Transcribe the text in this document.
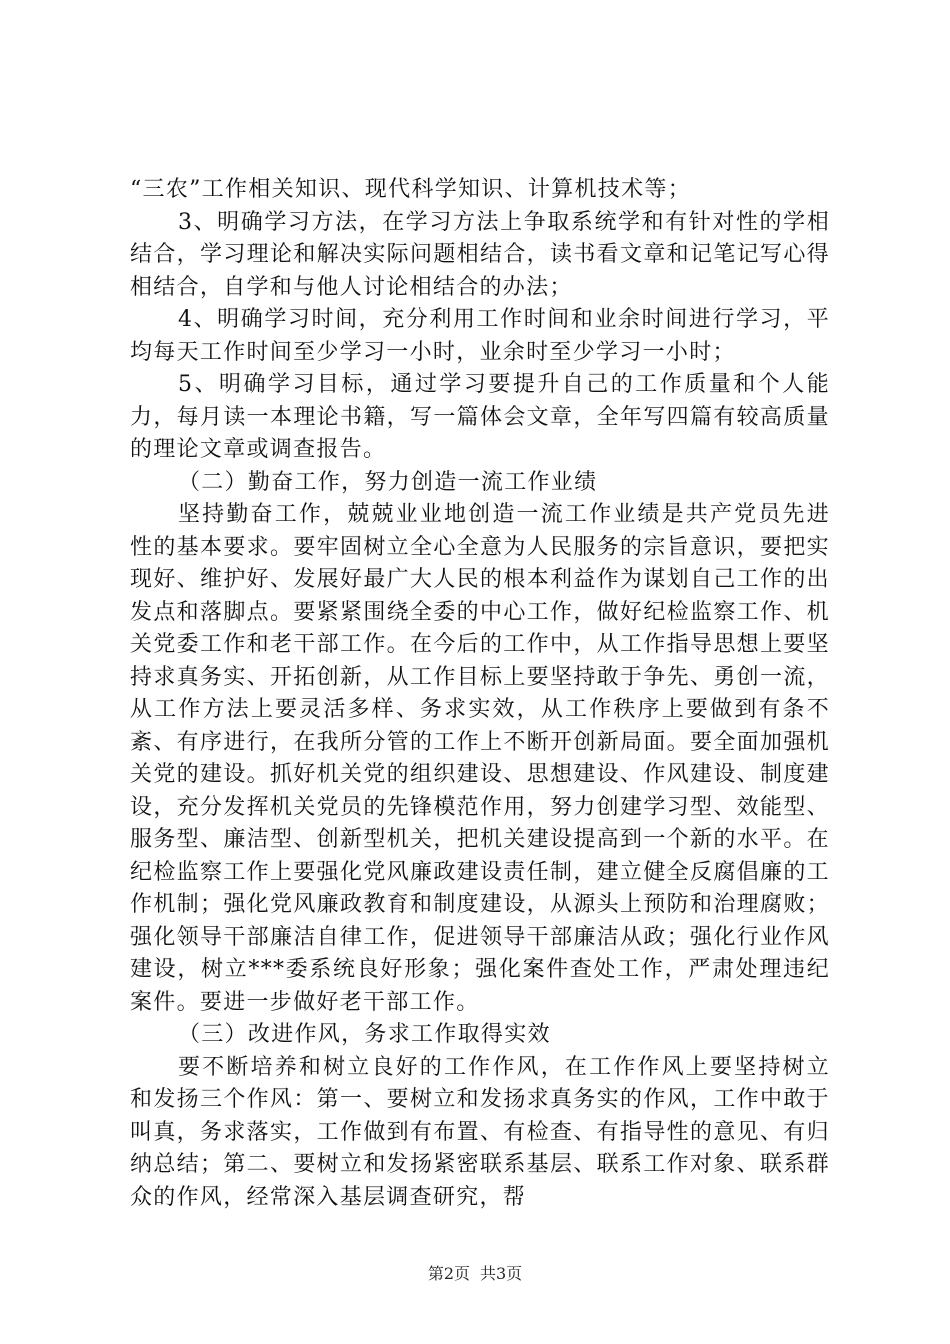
“三农”工作相关知识、现代科学知识、计算机技术等；

3、明确学习方法，在学习方法上争取系统学和有针对性的学相结合，学习理论和解决实际问题相结合，读书看文章和记笔记写心得相结合，自学和与他人讨论相结合的办法；

4、明确学习时间，充分利用工作时间和业余时间进行学习，平均每天工作时间至少学习一小时，业余时至少学习一小时；

5、明确学习目标，通过学习要提升自己的工作质量和个人能力，每月读一本理论书籍，写一篇体会文章，全年写四篇有较高质量的理论文章或调查报告。

（二）勤奋工作，努力创造一流工作业绩

坚持勤奋工作，兢兢业业地创造一流工作业绩是共产党员先进性的基本要求。要牢固树立全心全意为人民服务的宗旨意识，要把实现好、维护好、发展好最广大人民的根本利益作为谋划自己工作的出发点和落脚点。要紧紧围绕全委的中心工作，做好纪检监察工作、机关党委工作和老干部工作。在今后的工作中，从工作指导思想上要坚持求真务实、开拓创新，从工作目标上要坚持敢于争先、勇创一流，从工作方法上要灵活多样、务求实效，从工作秩序上要做到有条不紊、有序进行，在我所分管的工作上不断开创新局面。要全面加强机关党的建设。抓好机关党的组织建设、思想建设、作风建设、制度建设，充分发挥机关党员的先锋模范作用，努力创建学习型、效能型、服务型、廉洁型、创新型机关，把机关建设提高到一个新的水平。在纪检监察工作上要强化党风廉政建设责任制，建立健全反腐倡廉的工作机制；强化党风廉政教育和制度建设，从源头上预防和治理腐败；强化领导干部廉洁自律工作，促进领导干部廉洁从政；强化行业作风建设，树立***委系统良好形象；强化案件查处工作，严肃处理违纪案件。要进一步做好老干部工作。

（三）改进作风，务求工作取得实效

要不断培养和树立良好的工作作风，在工作作风上要坚持树立和发扬三个作风：第一、要树立和发扬求真务实的作风，工作中敢于叫真，务求落实，工作做到有布置、有检查、有指导性的意见、有归纳总结；第二、要树立和发扬紧密联系基层、联系工作对象、联系群众的作风，经常深入基层调查研究，帮

第2页 共3页
